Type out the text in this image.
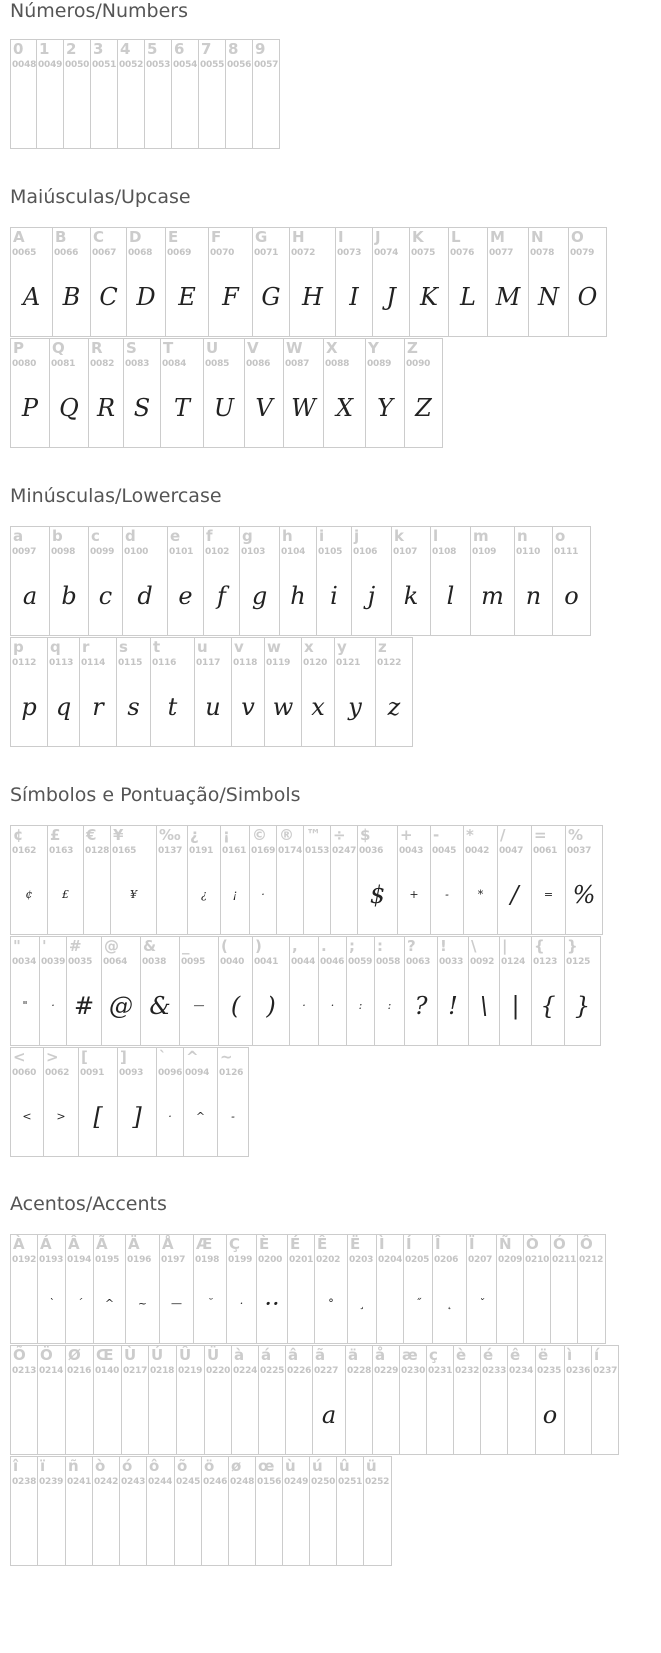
Números/Numbers
0
0048
1
0049
2
0050
3
0051
4
0052
5
0053
6
0054
7
0055
8
0056
9
0057
Maiúsculas/Upcase
A
0065
A
B
0066
B
C
0067
C
D
0068
D
E
0069
E
F
0070
F
G
0071
G
H
0072
H
I
0073
I
J
0074
J
K
0075
K
L
0076
L
M
0077
M
N
0078
N
O
0079
O
P
0080
P
Q
0081
Q
R
0082
R
S
0083
S
T
0084
T
U
0085
U
V
0086
V
W
0087
W
X
0088
X
Y
0089
Y
Z
0090
Z
Minúsculas/Lowercase
a
0097
a
b
0098
b
c
0099
c
d
0100
d
e
0101
e
f
0102
f
g
0103
g
h
0104
h
i
0105
i
j
0106
j
k
0107
k
l
0108
l
m
0109
m
n
0110
n
o
0111
o
p
0112
p
q
0113
q
r
0114
r
s
0115
s
t
0116
t
u
0117
u
v
0118
v
w
0119
w
x
0120
x
y
0121
y
z
0122
z
Símbolos e Pontuação/Simbols
¢
0162
¢
£
0163
£
€
0128
¥
0165
¥
‰
0137
¿
0191
¿
¡
0161
¡
©
0169
·
®
0174
™
0153
÷
0247
$
0036
$
+
0043
+
-
0045
-
*
0042
*
/
0047
/
=
0061
=
%
0037
%
"
0034
"
'
0039
·
#
0035
#
@
0064
@
&
0038
&
_
0095
—
(
0040
(
)
0041
)
,
0044
·
.
0046
·
;
0059
:
:
0058
:
?
0063
?
!
0033
!
\
0092
\
|
0124
|
{
0123
{
}
0125
}
<
0060
<
>
0062
>
[
0091
[
]
0093
]
`
0096
·
^
0094
^
~
0126
-
Acentos/Accents
À
0192
Á
0193
`
Â
0194
´
Ã
0195
^
Ä
0196
~
Å
0197
—
Æ
0198
˘
Ç
0199
·
È
0200
··
É
0201
Ê
0202
°
Ë
0203
¸
Ì
0204
Í
0205
˝
Î
0206
˛
Ï
0207
ˇ
Ñ
0209
Ò
0210
Ó
0211
Ô
0212
Õ
0213
Ö
0214
Ø
0216
Œ
0140
Ù
0217
Ú
0218
Û
0219
Ü
0220
à
0224
á
0225
â
0226
ã
0227
a
ä
0228
å
0229
æ
0230
ç
0231
è
0232
é
0233
ê
0234
ë
0235
o
ì
0236
í
0237
î
0238
ï
0239
ñ
0241
ò
0242
ó
0243
ô
0244
õ
0245
ö
0246
ø
0248
œ
0156
ù
0249
ú
0250
û
0251
ü
0252
